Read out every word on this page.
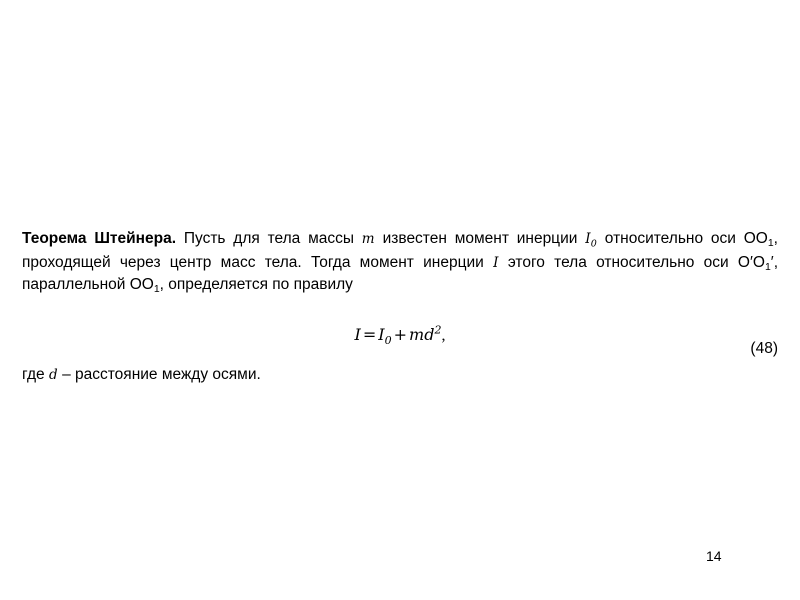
Теорема Штейнера. Пусть для тела массы m известен момент инерции $I_0$ относительно оси $OO_1$, проходящей через центр масс тела. Тогда момент инерции I этого тела относительно оси $O'O_1'$, параллельной $OO_1$, определяется по правилу

$I = I_0 + md^2$,
(48)
где d – расстояние между осями.
14
